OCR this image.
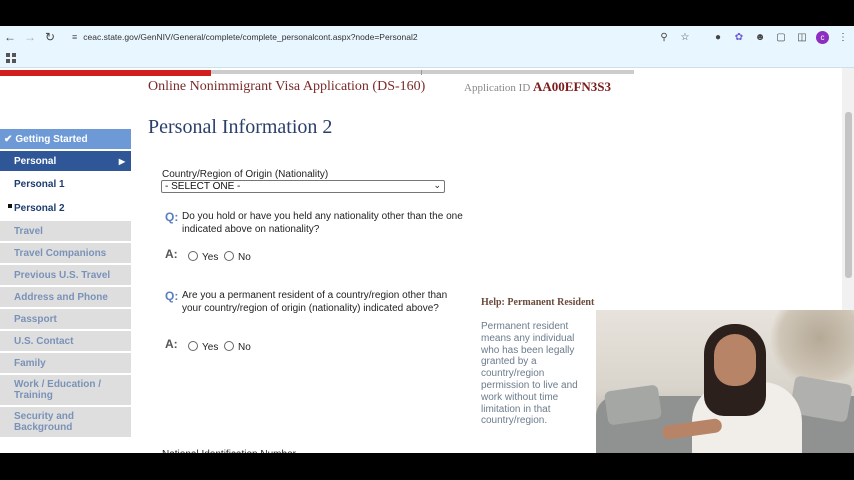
← → ↻	≡ ceac.state.gov/GenNIV/General/complete/complete_personalcont.aspx?node=Personal2	⚲	☆	●	✿ ☻ ▢ ◫	c	⋮
Online Nonimmigrant Visa Application (DS-160)	Application ID AA00EFN3S3
✔ Getting Started
Personal	▶
Personal 1
Personal 2
Travel
Travel Companions
Previous U.S. Travel
Address and Phone
Passport
U.S. Contact
Family
Work / Education / Training
Security and Background
Personal Information 2
Country/Region of Origin (Nationality)
- SELECT ONE -	⌄
Q: Do you hold or have you held any nationality other than the one indicated above on nationality?
A: Yes No
Q: Are you a permanent resident of a country/region other than your country/region of origin (nationality) indicated above?
A: Yes No
Help: Permanent Resident
Permanent resident means any individual who has been legally granted by a country/region permission to live and work without time limitation in that country/region.
